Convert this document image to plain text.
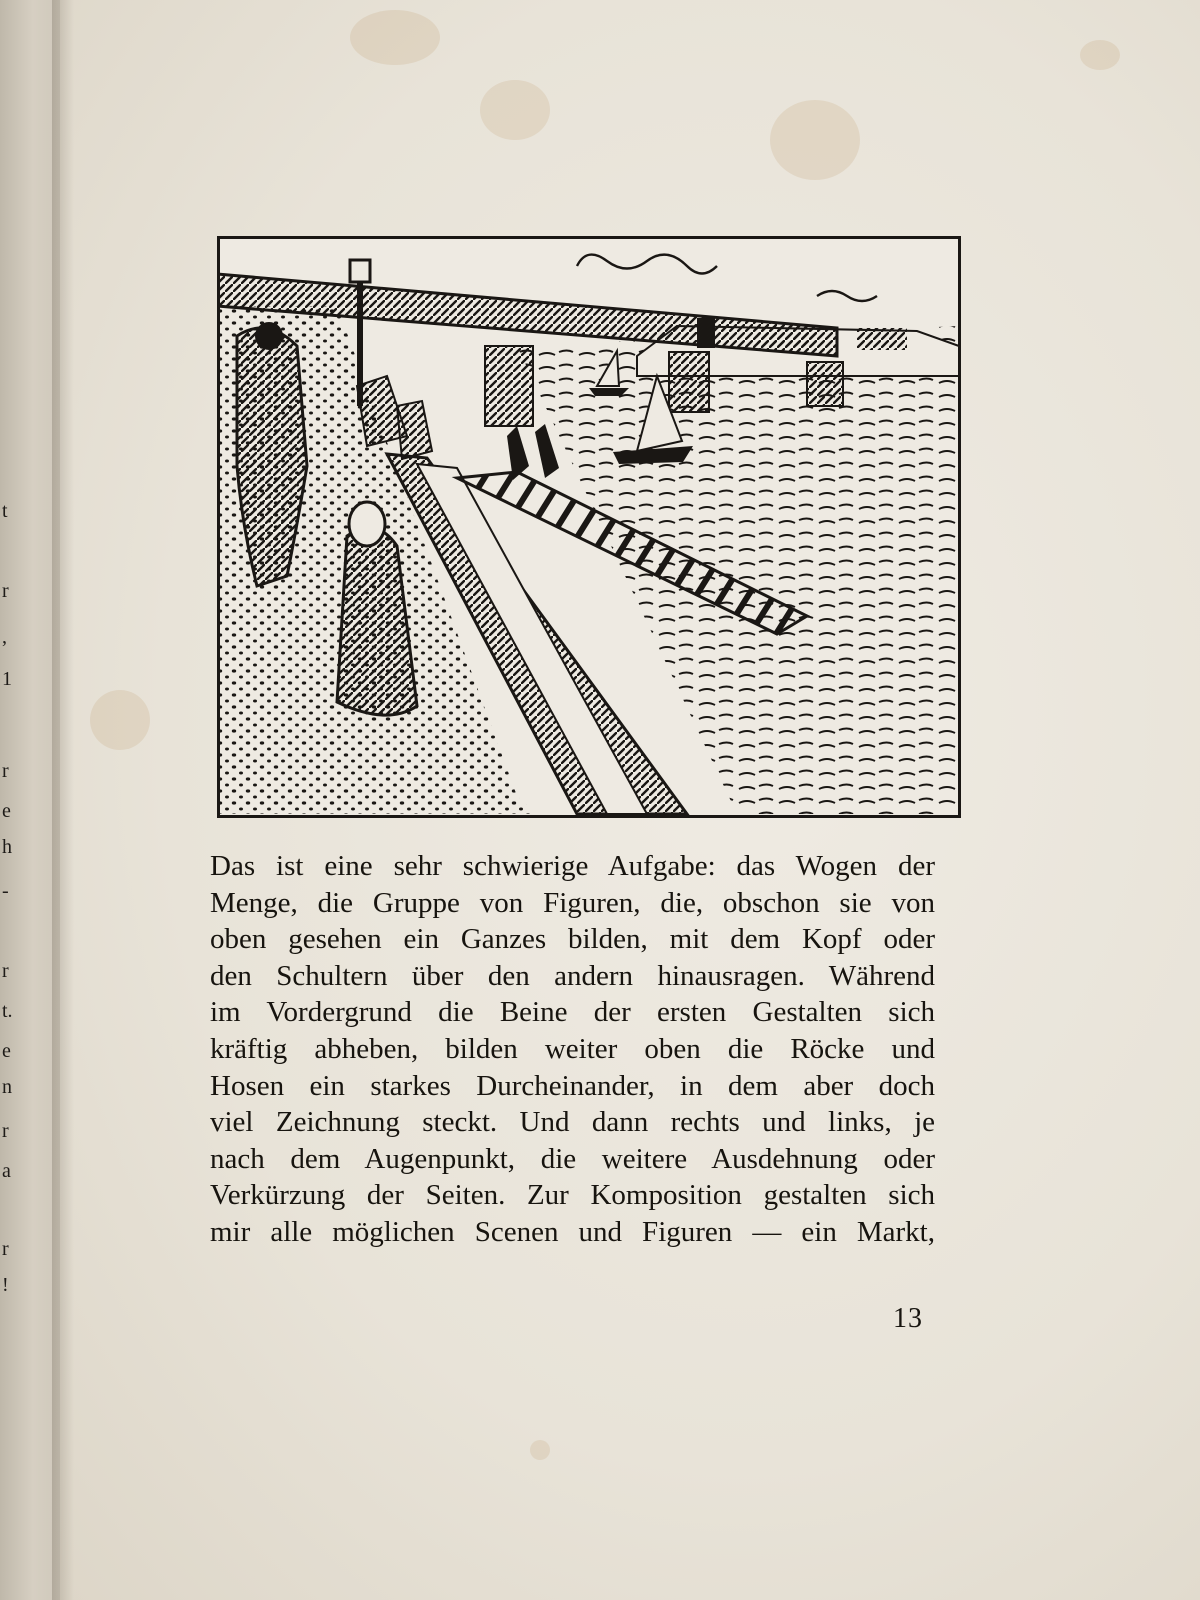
t
r
,
1
r
e
h
-
r
t.
e
n
r
a
r
!
Das ist eine sehr schwierige Aufgabe: das Wogen der
Menge, die Gruppe von Figuren, die, obschon sie von
oben gesehen ein Ganzes bilden, mit dem Kopf oder
den Schultern über den andern hinausragen. Während
im Vordergrund die Beine der ersten Gestalten sich
kräftig abheben, bilden weiter oben die Röcke und
Hosen ein starkes Durcheinander, in dem aber doch
viel Zeichnung steckt. Und dann rechts und links, je
nach dem Augenpunkt, die weitere Ausdehnung oder
Verkürzung der Seiten. Zur Komposition gestalten sich
mir alle möglichen Scenen und Figuren — ein Markt,
13
